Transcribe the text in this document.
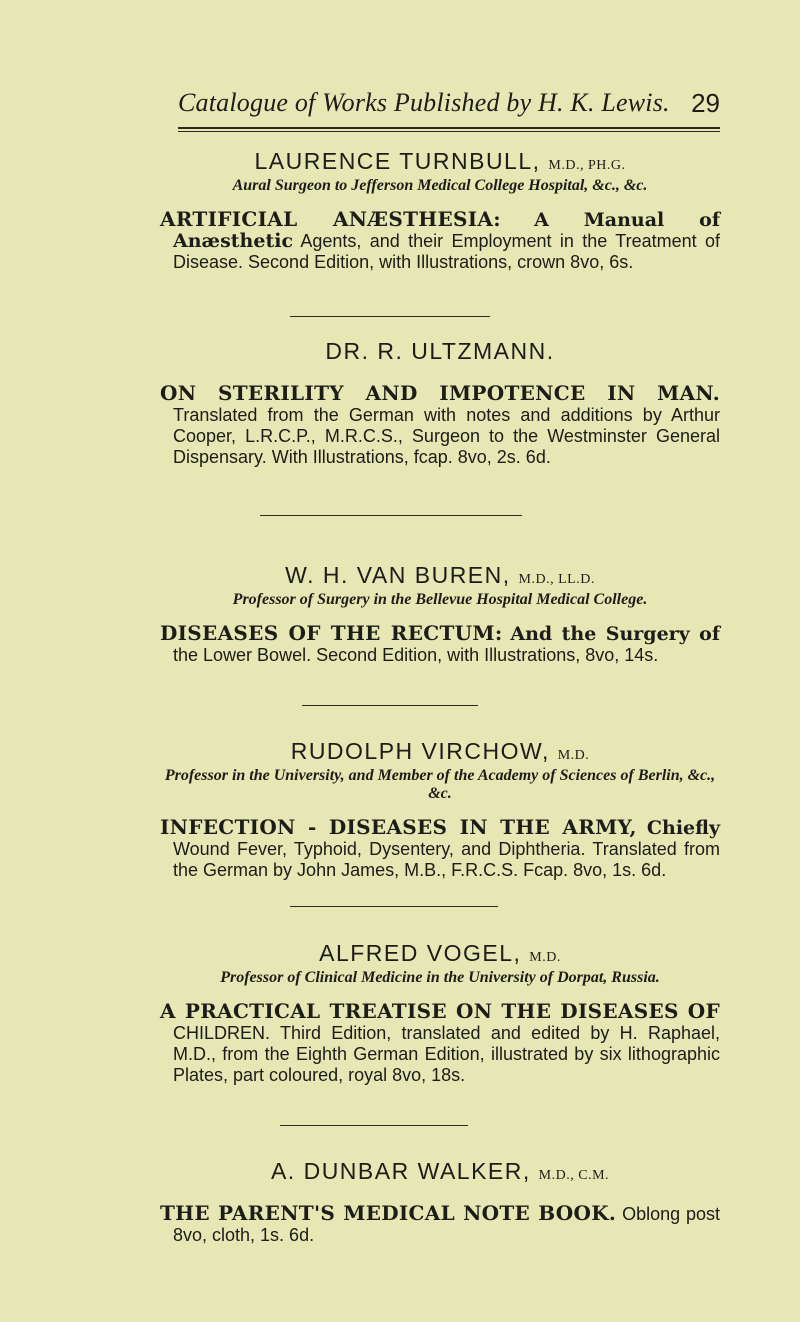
Catalogue of Works Published by H. K. Lewis. 29
LAURENCE TURNBULL, M.D., PH.G.
Aural Surgeon to Jefferson Medical College Hospital, &c., &c.
ARTIFICIAL ANÆSTHESIA: A Manual of Anæsthetic Agents, and their Employment in the Treatment of Disease. Second Edition, with Illustrations, crown 8vo, 6s.
DR. R. ULTZMANN.
ON STERILITY AND IMPOTENCE IN MAN. Translated from the German with notes and additions by Arthur Cooper, L.R.C.P., M.R.C.S., Surgeon to the Westminster General Dispensary. With Illustrations, fcap. 8vo, 2s. 6d.
W. H. VAN BUREN, M.D., LL.D.
Professor of Surgery in the Bellevue Hospital Medical College.
DISEASES OF THE RECTUM: And the Surgery of the Lower Bowel. Second Edition, with Illustrations, 8vo, 14s.
RUDOLPH VIRCHOW, M.D.
Professor in the University, and Member of the Academy of Sciences of Berlin, &c., &c.
INFECTION - DISEASES IN THE ARMY, Chiefly Wound Fever, Typhoid, Dysentery, and Diphtheria. Translated from the German by John James, M.B., F.R.C.S. Fcap. 8vo, 1s. 6d.
ALFRED VOGEL, M.D.
Professor of Clinical Medicine in the University of Dorpat, Russia.
A PRACTICAL TREATISE ON THE DISEASES OF CHILDREN. Third Edition, translated and edited by H. Raphael, M.D., from the Eighth German Edition, illustrated by six lithographic Plates, part coloured, royal 8vo, 18s.
A. DUNBAR WALKER, M.D., C.M.
THE PARENT'S MEDICAL NOTE BOOK. Oblong post 8vo, cloth, 1s. 6d.
